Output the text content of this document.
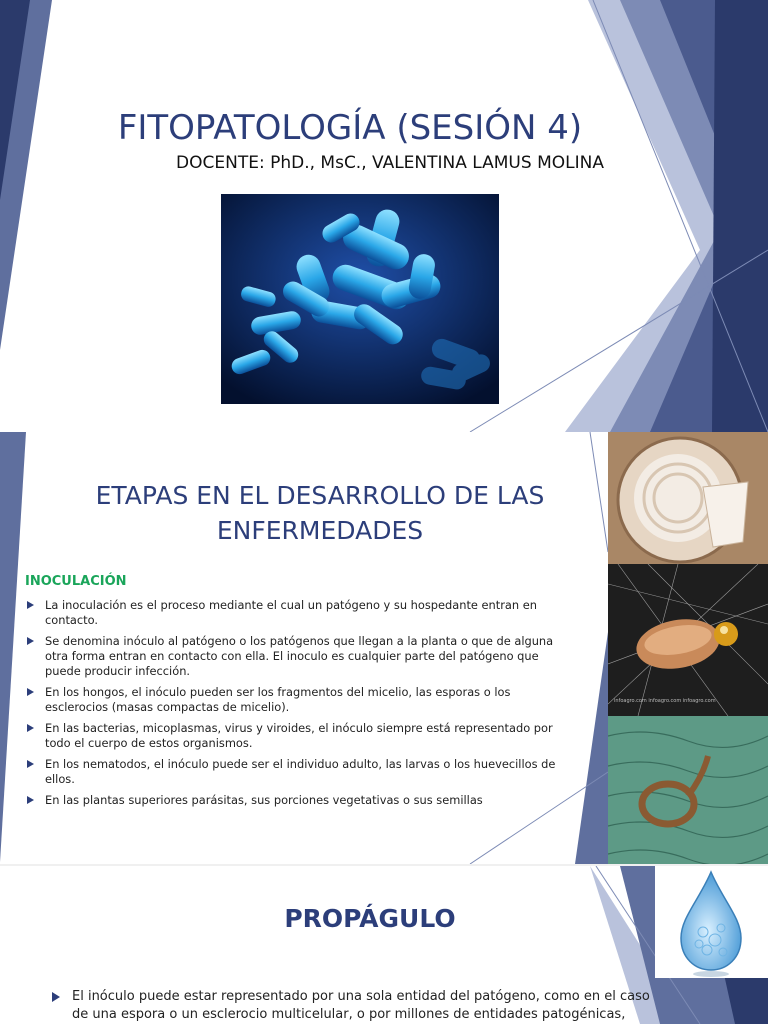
FITOPATOLOGÍA (SESIÓN 4)
DOCENTE: PhD., MsC., VALENTINA LAMUS MOLINA
ETAPAS EN EL DESARROLLO DE LAS ENFERMEDADES
INOCULACIÓN
La inoculación es el proceso mediante el cual un patógeno y su hospedante entran en contacto.
Se denomina inóculo al patógeno o los patógenos que llegan a la planta o que de alguna otra forma entran en contacto con ella. El inoculo es cualquier parte del patógeno que puede producir infección.
En los hongos, el inóculo pueden ser los fragmentos del micelio, las esporas o los esclerocios (masas compactas de micelio).
En las bacterias, micoplasmas, virus y viroides, el inóculo siempre está representado por todo el cuerpo de estos organismos.
En los nematodos, el inóculo puede ser el individuo adulto, las larvas o los huevecillos de ellos.
En las plantas superiores parásitas, sus porciones vegetativas o sus semillas
infoagro.com infoagro.com infoagro.com
PROPÁGULO
El inóculo puede estar representado por una sola entidad del patógeno, como en el caso de una espora o un esclerocio multicelular, o por millones de entidades patogénicas,
